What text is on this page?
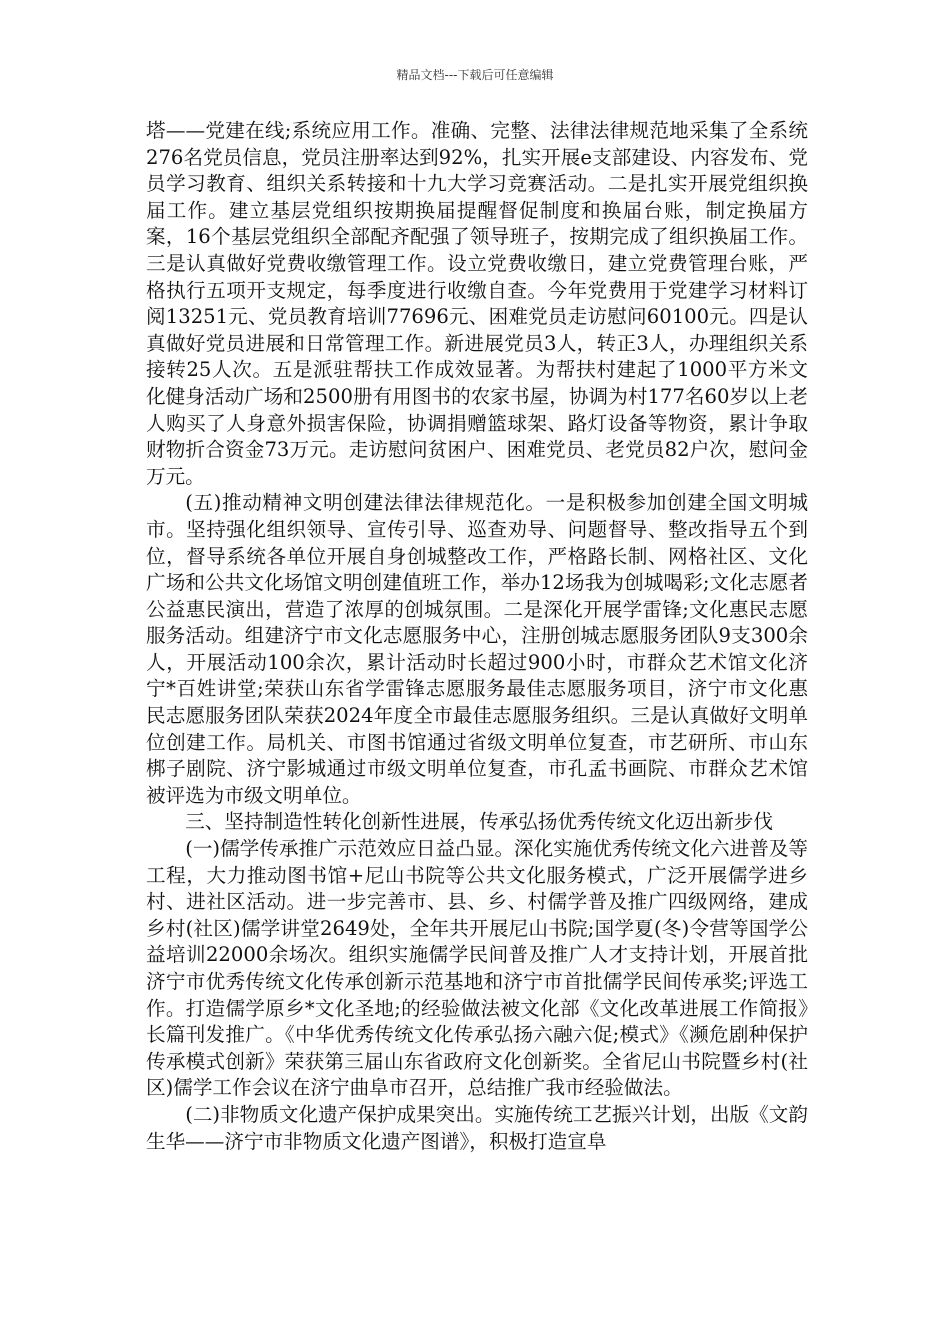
精品文档---下载后可任意编辑

塔——党建在线;系统应用工作。准确、完整、法律法律规范地采集了全系统276名党员信息，党员注册率达到92%，扎实开展e支部建设、内容发布、党员学习教育、组织关系转接和十九大学习竞赛活动。二是扎实开展党组织换届工作。建立基层党组织按期换届提醒督促制度和换届台账，制定换届方案，16个基层党组织全部配齐配强了领导班子，按期完成了组织换届工作。三是认真做好党费收缴管理工作。设立党费收缴日，建立党费管理台账，严格执行五项开支规定，每季度进行收缴自查。今年党费用于党建学习材料订阅13251元、党员教育培训77696元、困难党员走访慰问60100元。四是认真做好党员进展和日常管理工作。新进展党员3人，转正3人，办理组织关系接转25人次。五是派驻帮扶工作成效显著。为帮扶村建起了1000平方米文化健身活动广场和2500册有用图书的农家书屋，协调为村177名60岁以上老人购买了人身意外损害保险，协调捐赠篮球架、路灯设备等物资，累计争取财物折合资金73万元。走访慰问贫困户、困难党员、老党员82户次，慰问金万元。

(五)推动精神文明创建法律法律规范化。一是积极参加创建全国文明城市。坚持强化组织领导、宣传引导、巡查劝导、问题督导、整改指导五个到位，督导系统各单位开展自身创城整改工作，严格路长制、网格社区、文化广场和公共文化场馆文明创建值班工作，举办12场我为创城喝彩;文化志愿者公益惠民演出，营造了浓厚的创城氛围。二是深化开展学雷锋;文化惠民志愿服务活动。组建济宁市文化志愿服务中心，注册创城志愿服务团队9支300余人，开展活动100余次，累计活动时长超过900小时，市群众艺术馆文化济宁*百姓讲堂;荣获山东省学雷锋志愿服务最佳志愿服务项目，济宁市文化惠民志愿服务团队荣获2024年度全市最佳志愿服务组织。三是认真做好文明单位创建工作。局机关、市图书馆通过省级文明单位复查，市艺研所、市山东梆子剧院、济宁影城通过市级文明单位复查，市孔孟书画院、市群众艺术馆被评选为市级文明单位。

三、坚持制造性转化创新性进展，传承弘扬优秀传统文化迈出新步伐

(一)儒学传承推广示范效应日益凸显。深化实施优秀传统文化六进普及等工程，大力推动图书馆+尼山书院等公共文化服务模式，广泛开展儒学进乡村、进社区活动。进一步完善市、县、乡、村儒学普及推广四级网络，建成乡村(社区)儒学讲堂2649处，全年共开展尼山书院;国学夏(冬)令营等国学公益培训22000余场次。组织实施儒学民间普及推广人才支持计划，开展首批济宁市优秀传统文化传承创新示范基地和济宁市首批儒学民间传承奖;评选工作。打造儒学原乡*文化圣地;的经验做法被文化部《文化改革进展工作简报》长篇刊发推广。《中华优秀传统文化传承弘扬六融六促;模式》《濒危剧种保护传承模式创新》荣获第三届山东省政府文化创新奖。全省尼山书院暨乡村(社区)儒学工作会议在济宁曲阜市召开，总结推广我市经验做法。

(二)非物质文化遗产保护成果突出。实施传统工艺振兴计划，出版《文韵生华——济宁市非物质文化遗产图谱》，积极打造宣阜
